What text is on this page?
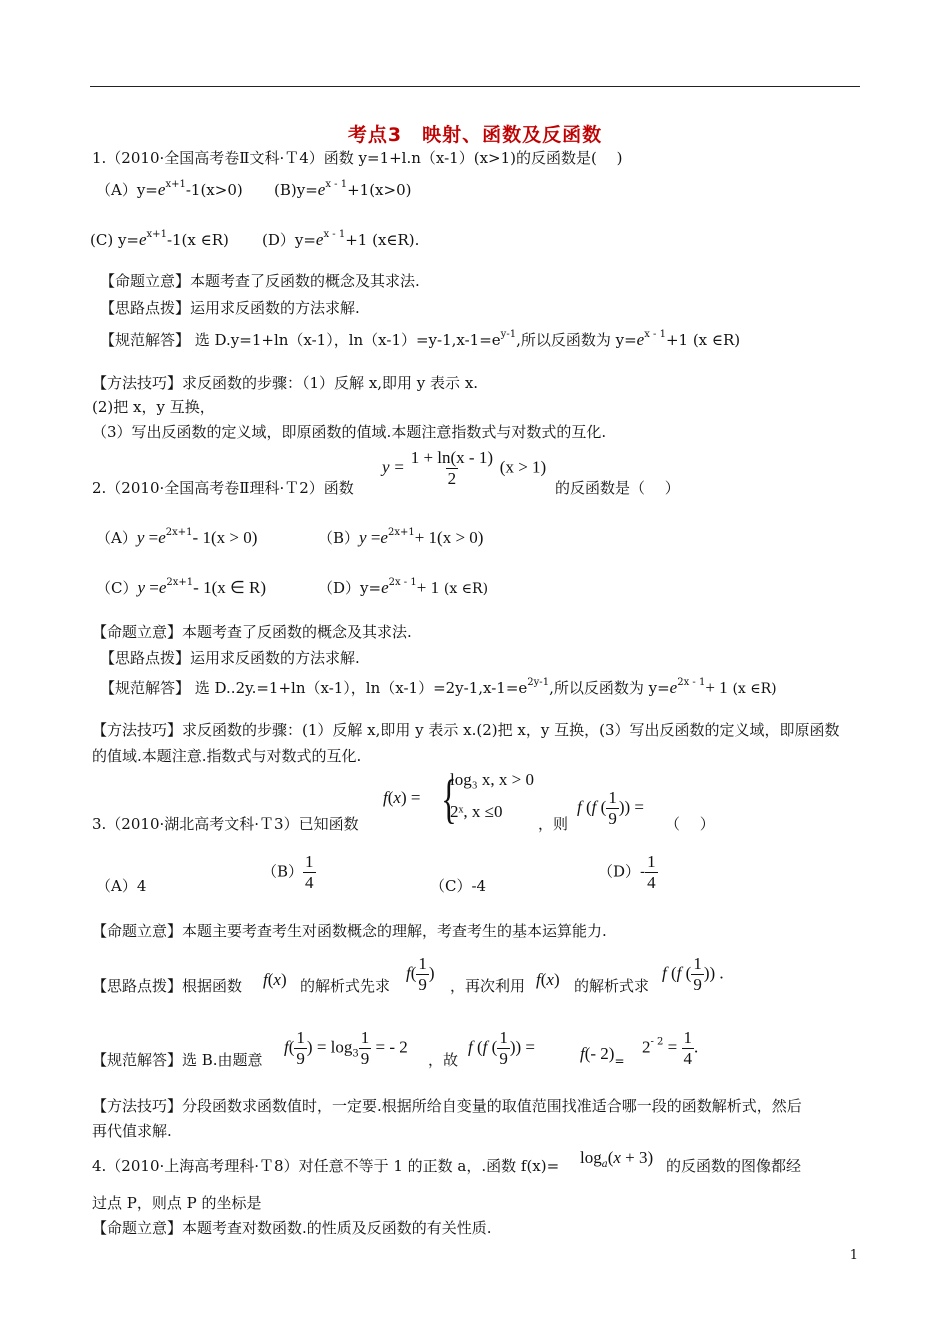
考点3　映射、函数及反函数
1.（2010·全国高考卷Ⅱ文科·Ｔ4）函数 y=1+l.n（x-1）(x>1)的反函数是(　 )
$(A)y=e^{x+1}-1(x>0)$ $(B)y=e^{x - 1}+1(x>0)$
(C) $y=e^{x+1}-1(x$ ∈R) $(D)y=e^{x - 1}+1$ (x∈R).
【命题立意】本题考查了反函数的概念及其求法.
【思路点拨】运用求反函数的方法求解.
【规范解答】 选 D.y=1+ln（x-1），$\ln(x-1)=y-1,x-1=e^{y-1}$,所以反函数为 $y=e^{x - 1}+1$ (x ∈R)
【方法技巧】求反函数的步骤：（1）反解 x,即用 y 表示 x.
(2)把 x，y 互换，
（3）写出反函数的定义域，即原函数的值域.本题注意指数式与对数式的互化.
2.（2010·全国高考卷Ⅱ理科·Ｔ2）函数
$y = \frac{1 + \ln(x - 1)}{2} (x > 1)$
的反函数是（　 ）
$(A)y =e^{2x+1}-$ 1(x > 0)	$(B)y =e^{2x+1}+ 1(x > 0)$
$(C)y =e^{2x+1}-$ 1(x ∈ R)	$(D)y=e^{2x - 1}+ 1$ (x ∈R)
【命题立意】本题考查了反函数的概念及其求法.
【思路点拨】运用求反函数的方法求解.
【规范解答】 选 D..2y.=1+ln（x-1），$\ln(x-1)=2y-1,x-1=e^{2y-1}$,所以反函数为 $y=e^{2x - 1}+ 1$ (x ∈R)
【方法技巧】求反函数的步骤：(1）反解 x,即用 y 表示 x.(2)把 x，y 互换，(3）写出反函数的定义域，即原函数
的值域.本题注意.指数式与对数式的互化.
f(x) = {
log₃ x, x > 0
2ˣ, x ≤0
3.（2010·湖北高考文科·Ｔ3）已知函数	，则
f (f ( $\frac{1}{9}$ )) =
（　 ）
（A）4
$(B) \frac{1}{4}$	（C）-4
$(D)- \frac{1}{4}$
【命题立意】本题主要考查考生对函数概念的理解，考查考生的基本运算能力.
【思路点拨】根据函数 f(x) 的解析式先求
$f( \frac{1}{9}$ )
，再次利用 f(x) 的解析式求
f (f ( $\frac{1}{9}$ )) .
【规范解答】选 B.由题意
$f( \frac{1}{9}$ ) = $\log_3 \frac{1}{9}$ = - 2
，故
f (f ( $\frac{1}{9}$ )) =	f(- $2)_=$
$2^{- 2} = \frac{1}{4}$ .
【方法技巧】分段函数求函数值时，一定要.根据所给自变量的取值范围找准适合哪一段的函数解析式，然后
再代值求解.
4.（2010·上海高考理科·Ｔ8）对任意不等于 1 的正数 a，.函数 $f(x)= \log_a(x + 3)$ 的反函数的图像都经
过点 P，则点 P 的坐标是
【命题立意】本题考查对数函数.的性质及反函数的有关性质.
1
